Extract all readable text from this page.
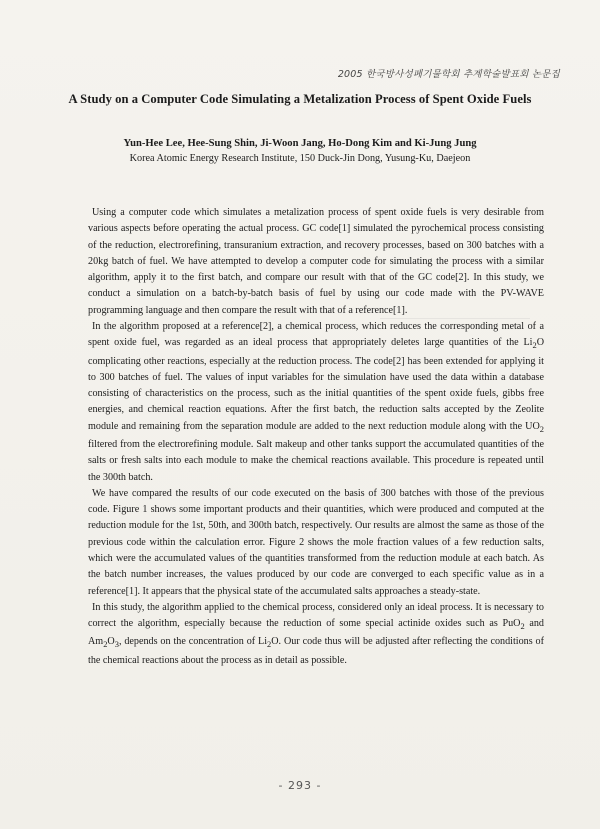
2005 한국방사성폐기물학회 추계학술발표회 논문집
A Study on a Computer Code Simulating a Metalization Process of Spent Oxide Fuels
Yun-Hee Lee, Hee-Sung Shin, Ji-Woon Jang, Ho-Dong Kim and Ki-Jung Jung
Korea Atomic Energy Research Institute, 150 Duck-Jin Dong, Yusung-Ku, Daejeon

Using a computer code which simulates a metalization process of spent oxide fuels is very desirable from various aspects before operating the actual process. GC code[1] simulated the pyrochemical process consisting of the reduction, electrorefining, transuranium extraction, and recovery processes, based on 300 batches with a 20kg batch of fuel. We have attempted to develop a computer code for simulating the process with a similar algorithm, apply it to the first batch, and compare our result with that of the GC code[2]. In this study, we conduct a simulation on a batch-by-batch basis of fuel by using our code made with the PV-WAVE programming language and then compare the result with that of a reference[1].

In the algorithm proposed at a reference[2], a chemical process, which reduces the corresponding metal of a spent oxide fuel, was regarded as an ideal process that appropriately deletes large quantities of the $Li_2O$ complicating other reactions, especially at the reduction process. The code[2] has been extended for applying it to 300 batches of fuel. The values of input variables for the simulation have used the data within a database consisting of characteristics on the process, such as the initial quantities of the spent oxide fuels, gibbs free energies, and chemical reaction equations. After the first batch, the reduction salts accepted by the Zeolite module and remaining from the separation module are added to the next reduction module along with the $UO_2$ filtered from the electrorefining module. Salt makeup and other tanks support the accumulated quantities of the salts or fresh salts into each module to make the chemical reactions available. This procedure is repeated until the 300th batch.

We have compared the results of our code executed on the basis of 300 batches with those of the previous code. Figure 1 shows some important products and their quantities, which were produced and computed at the reduction module for the 1st, 50th, and 300th batch, respectively. Our results are almost the same as those of the previous code within the calculation error. Figure 2 shows the mole fraction values of a few reduction salts, which were the accumulated values of the quantities transformed from the reduction module at each batch. As the batch number increases, the values produced by our code are converged to each specific value as in a reference[1]. It appears that the physical state of the accumulated salts approaches a steady-state.

In this study, the algorithm applied to the chemical process, considered only an ideal process. It is necessary to correct the algorithm, especially because the reduction of some special actinide oxides such as PuO$_2$ and $Am_2O_3$, depends on the concentration of $Li_2O$. Our code thus will be adjusted after reflecting the conditions of the chemical reactions about the process as in detail as possible.

- 293 -
